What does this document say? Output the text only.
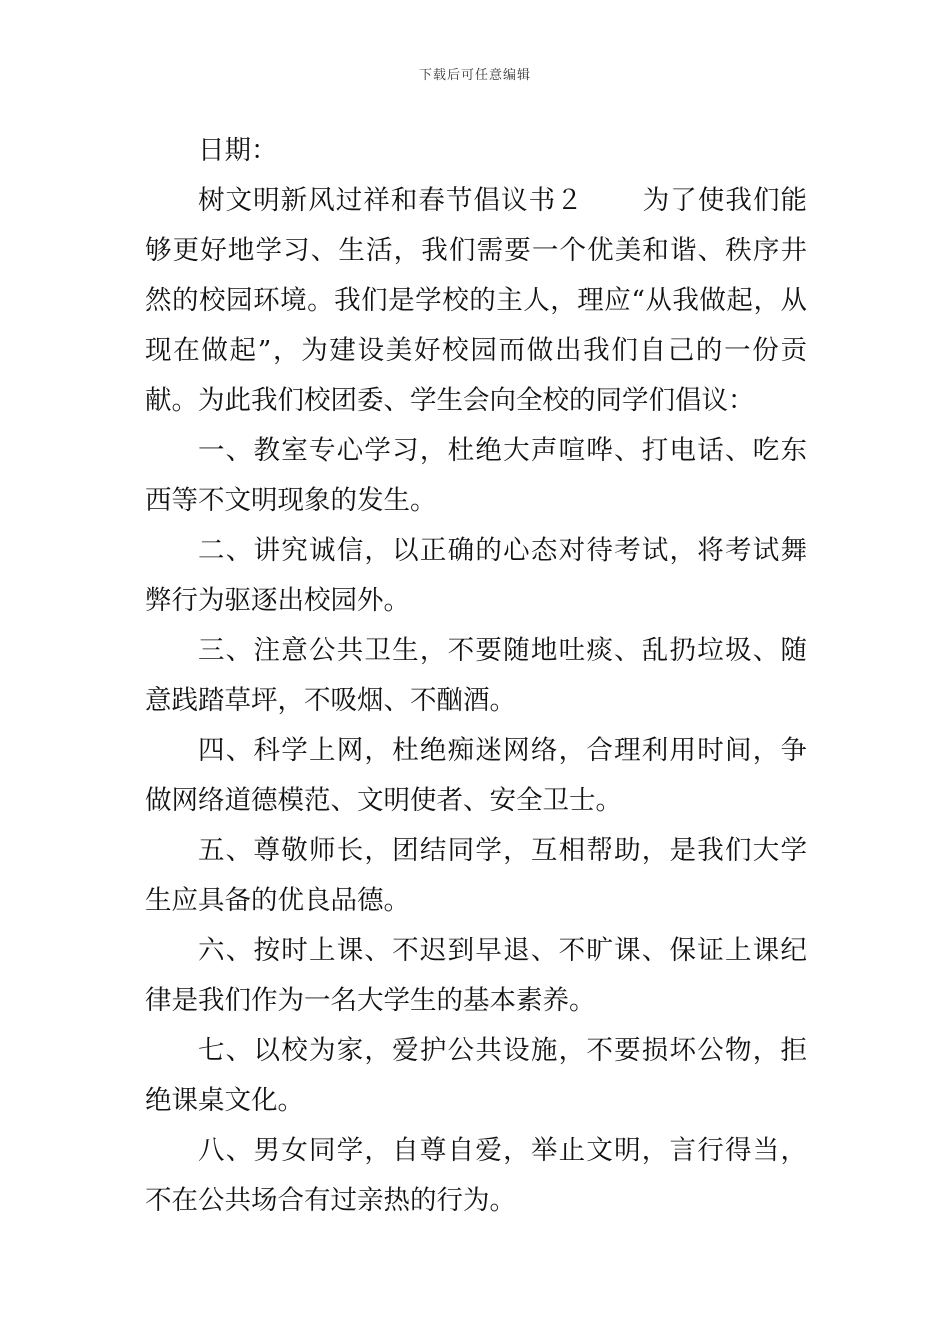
下载后可任意编辑

日期：

树文明新风过祥和春节倡议书２ 为了使我们能够更好地学习、生活，我们需要一个优美和谐、秩序井然的校园环境。我们是学校的主人，理应“从我做起，从现在做起”，为建设美好校园而做出我们自己的一份贡献。为此我们校团委、学生会向全校的同学们倡议：

一、教室专心学习，杜绝大声喧哗、打电话、吃东西等不文明现象的发生。

二、讲究诚信，以正确的心态对待考试，将考试舞弊行为驱逐出校园外。

三、注意公共卫生，不要随地吐痰、乱扔垃圾、随意践踏草坪，不吸烟、不酗酒。

四、科学上网，杜绝痴迷网络，合理利用时间，争做网络道德模范、文明使者、安全卫士。

五、尊敬师长，团结同学，互相帮助，是我们大学生应具备的优良品德。

六、按时上课、不迟到早退、不旷课、保证上课纪律是我们作为一名大学生的基本素养。

七、以校为家，爱护公共设施，不要损坏公物，拒绝课桌文化。

八、男女同学，自尊自爱，举止文明，言行得当，不在公共场合有过亲热的行为。
